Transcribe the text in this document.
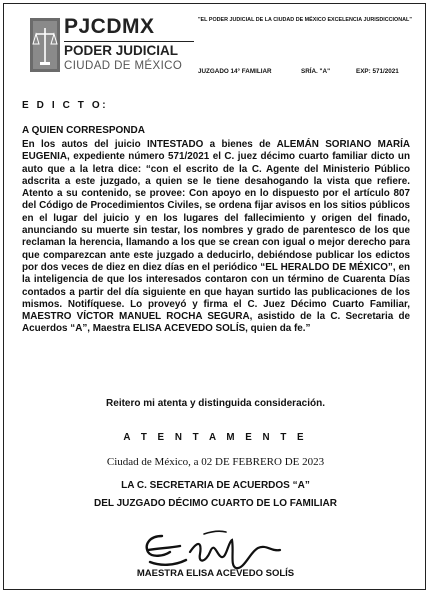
PJCDMX
PODER JUDICIAL
CIUDAD DE MÉXICO
"EL PODER JUDICIAL DE LA CIUDAD DE MÉXICO EXCELENCIA JURISDICCIONAL"
JUZGADO 14° FAMILIAR	SRÍA. "A"	EXP: 571/2021
E D I C T O:
A QUIEN CORRESPONDA
En los autos del juicio INTESTADO a bienes de ALEMÁN SORIANO MARÍA EUGENIA, expediente número 571/2021 el C. juez décimo cuarto familiar dicto un auto que a la letra dice: “con el escrito de la C. Agente del Ministerio Público adscrita a este juzgado, a quien se le tiene desahogando la vista que refiere. Atento a su contenido, se provee: Con apoyo en lo dispuesto por el artículo 807 del Código de Procedimientos Civiles, se ordena fijar avisos en los sitios públicos en el lugar del juicio y en los lugares del fallecimiento y origen del finado, anunciando su muerte sin testar, los nombres y grado de parentesco de los que reclaman la herencia, llamando a los que se crean con igual o mejor derecho para que comparezcan ante este juzgado a deducirlo, debiéndose publicar los edictos por dos veces de diez en diez días en el periódico “EL HERALDO DE MÉXICO”, en la inteligencia de que los interesados contaron con un término de Cuarenta Días contados a partir del día siguiente en que hayan surtido las publicaciones de los mismos. Notifíquese. Lo proveyó y firma el C. Juez Décimo Cuarto Familiar, MAESTRO VÍCTOR MANUEL ROCHA SEGURA, asistido de la C. Secretaria de Acuerdos “A”, Maestra ELISA ACEVEDO SOLÍS, quien da fe.”
Reitero mi atenta y distinguida consideración.
A T E N T A M E N T E
Ciudad de México, a 02 DE FEBRERO DE 2023
LA C. SECRETARIA DE ACUERDOS “A”
DEL JUZGADO DÉCIMO CUARTO DE LO FAMILIAR
MAESTRA ELISA ACEVEDO SOLÍS
